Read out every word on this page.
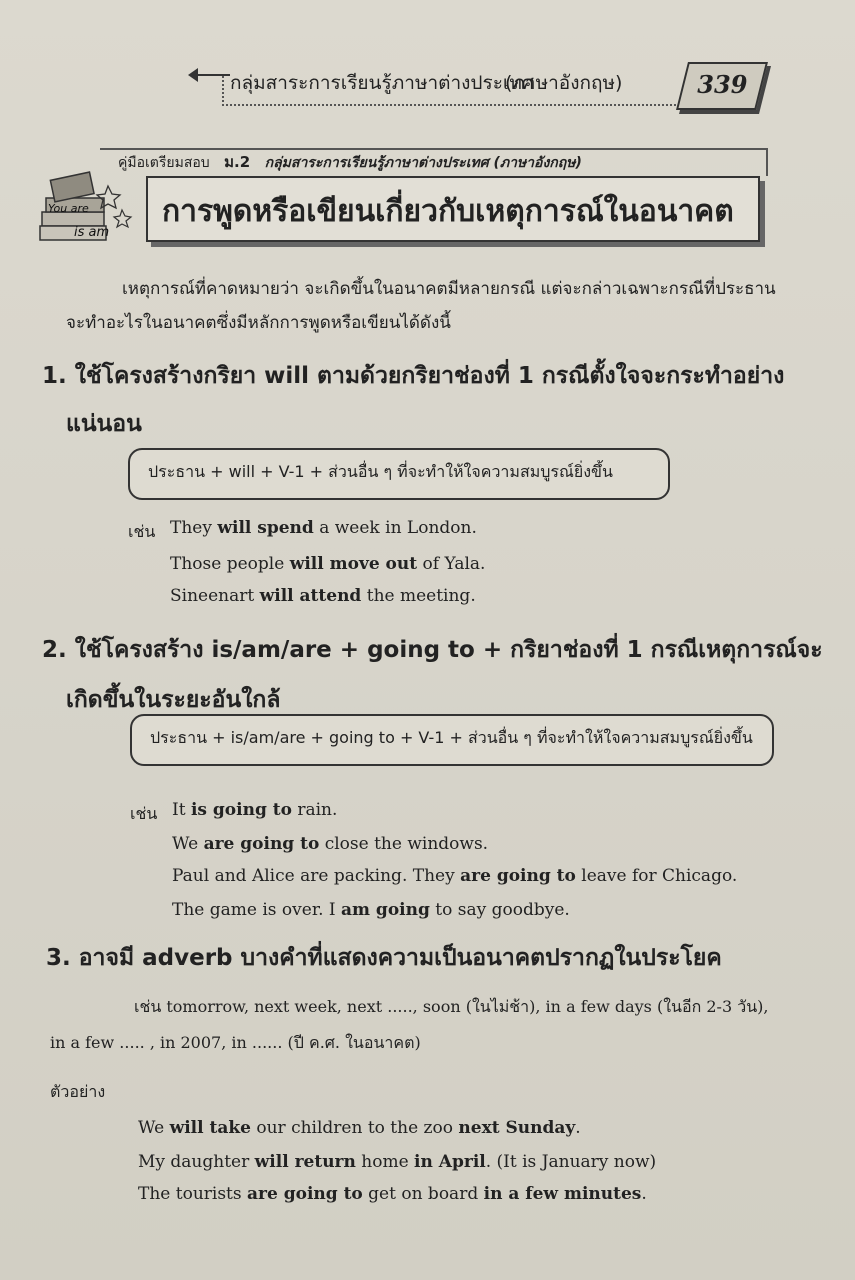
กลุ่มสาระการเรียนรู้ภาษาต่างประเทศ
(ภาษาอังกฤษ)	339
คู่มือเตรียมสอบ ม.2 กลุ่มสาระการเรียนรู้ภาษาต่างประเทศ (ภาษาอังกฤษ)
You are
is am
การพูดหรือเขียนเกี่ยวกับเหตุการณ์ในอนาคต
เหตุการณ์ที่คาดหมายว่า จะเกิดขึ้นในอนาคตมีหลายกรณี แต่จะกล่าวเฉพาะกรณีที่ประธาน
จะทำอะไรในอนาคตซึ่งมีหลักการพูดหรือเขียนได้ดังนี้
1. ใช้โครงสร้างกริยา will ตามด้วยกริยาช่องที่ 1 กรณีตั้งใจจะกระทำอย่าง
แน่นอน
ประธาน + will + V-1 + ส่วนอื่น ๆ ที่จะทำให้ใจความสมบูรณ์ยิ่งขึ้น
เช่น They will spend a week in London.
Those people will move out of Yala.
Sineenart will attend the meeting.
2. ใช้โครงสร้าง is/am/are + going to + กริยาช่องที่ 1 กรณีเหตุการณ์จะ
เกิดขึ้นในระยะอันใกล้
ประธาน + is/am/are + going to + V-1 + ส่วนอื่น ๆ ที่จะทำให้ใจความสมบูรณ์ยิ่งขึ้น
เช่น It is going to rain.
We are going to close the windows.
Paul and Alice are packing. They are going to leave for Chicago.
The game is over. I am going to say goodbye.
3. อาจมี adverb บางคำที่แสดงความเป็นอนาคตปรากฏในประโยค
เช่น tomorrow, next week, next ....., soon (ในไม่ช้า), in a few days (ในอีก 2-3 วัน),
in a few ..... , in 2007, in ...... (ปี ค.ศ. ในอนาคต)
ตัวอย่าง
We will take our children to the zoo next Sunday.
My daughter will return home in April. (It is January now)
The tourists are going to get on board in a few minutes.
